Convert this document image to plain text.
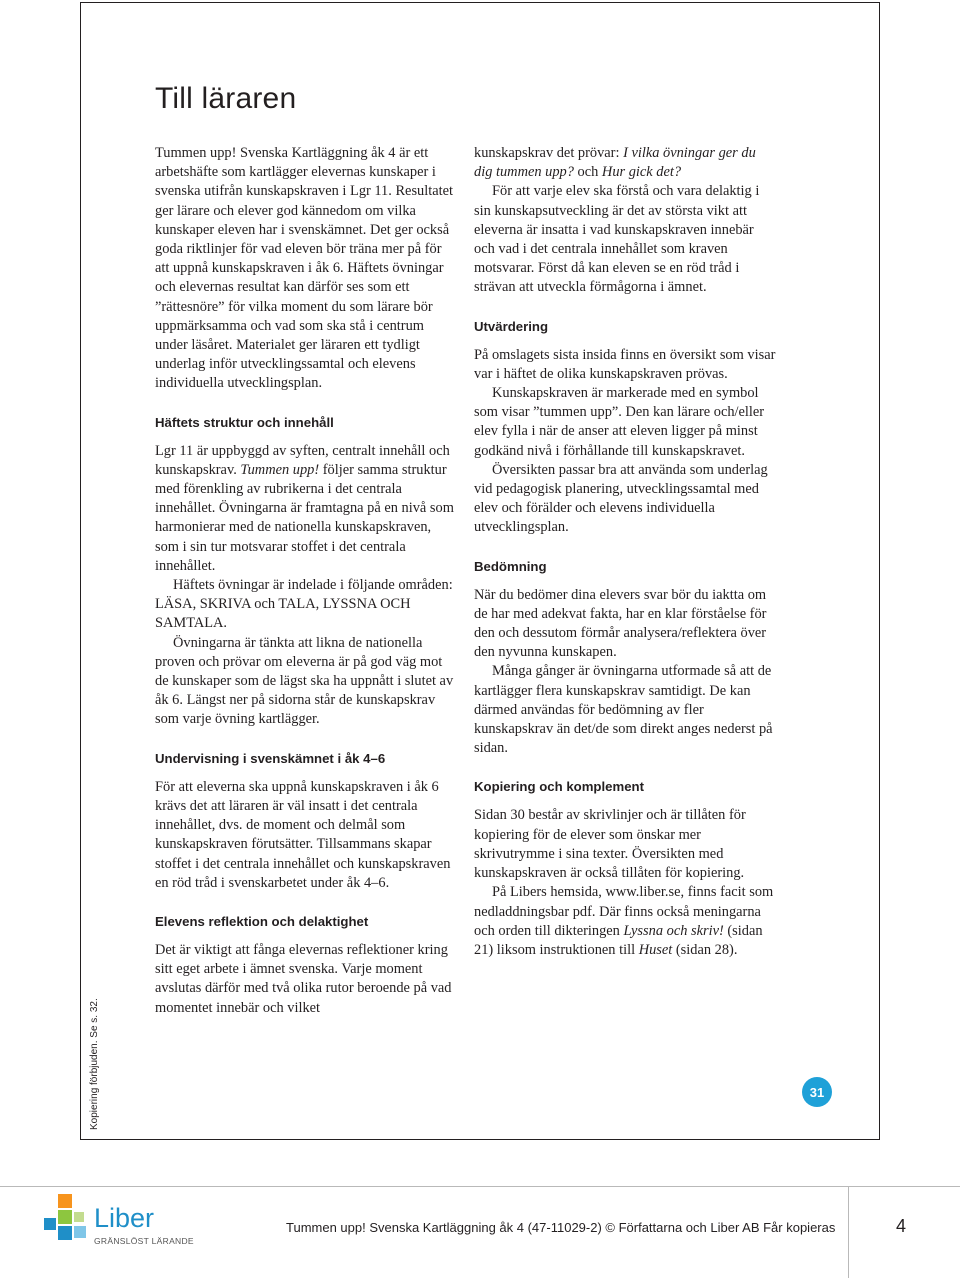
Kopiering förbjuden. Se s. 32.
Till läraren

Tummen upp! Svenska Kartläggning åk 4 är ett arbetshäfte som kartlägger elevernas kunskaper i svenska utifrån kunskapskraven i Lgr 11. Resultatet ger lärare och elever god kännedom om vilka kunskaper eleven har i svenskämnet. Det ger också goda riktlinjer för vad eleven bör träna mer på för att uppnå kunskapskraven i åk 6. Häftets övningar och elevernas resultat kan därför ses som ett ”rättesnöre” för vilka moment du som lärare bör uppmärksamma och vad som ska stå i centrum under läsåret. Materialet ger läraren ett tydligt underlag inför utvecklingssamtal och elevens individuella utvecklingsplan.

Häftets struktur och innehåll

Lgr 11 är uppbyggd av syften, centralt innehåll och kunskapskrav. Tummen upp! följer samma struktur med förenkling av rubrikerna i det centrala innehållet. Övningarna är framtagna på en nivå som harmonierar med de nationella kunskapskraven, som i sin tur motsvarar stoffet i det centrala innehållet.

Häftets övningar är indelade i följande områden: LÄSA, SKRIVA och TALA, LYSSNA OCH SAMTALA.

Övningarna är tänkta att likna de nationella proven och prövar om eleverna är på god väg mot de kunskaper som de lägst ska ha uppnått i slutet av åk 6. Längst ner på sidorna står de kunskapskrav som varje övning kartlägger.

Undervisning i svenskämnet i åk 4–6

För att eleverna ska uppnå kunskapskraven i åk 6 krävs det att läraren är väl insatt i det centrala innehållet, dvs. de moment och delmål som kunskapskraven förutsätter. Tillsammans skapar stoffet i det centrala innehållet och kunskapskraven en röd tråd i svenskarbetet under åk 4–6.

Elevens reflektion och delaktighet

Det är viktigt att fånga elevernas reflektioner kring sitt eget arbete i ämnet svenska. Varje moment avslutas därför med två olika rutor beroende på vad momentet innebär och vilket

kunskapskrav det prövar: I vilka övningar ger du dig tummen upp? och Hur gick det?

För att varje elev ska förstå och vara delaktig i sin kunskapsutveckling är det av största vikt att eleverna är insatta i vad kunskapskraven innebär och vad i det centrala innehållet som kraven motsvarar. Först då kan eleven se en röd tråd i strävan att utveckla förmågorna i ämnet.

Utvärdering

På omslagets sista insida finns en översikt som visar var i häftet de olika kunskapskraven prövas.

Kunskapskraven är markerade med en symbol som visar ”tummen upp”. Den kan lärare och/eller elev fylla i när de anser att eleven ligger på minst godkänd nivå i förhållande till kunskapskravet.

Översikten passar bra att använda som underlag vid pedagogisk planering, utvecklingssamtal med elev och förälder och elevens individuella utvecklingsplan.

Bedömning

När du bedömer dina elevers svar bör du iaktta om de har med adekvat fakta, har en klar förståelse för den och dessutom förmår analysera/reflektera över den nyvunna kunskapen.

Många gånger är övningarna utformade så att de kartlägger flera kunskapskrav samtidigt. De kan därmed användas för bedömning av fler kunskapskrav än det/de som direkt anges nederst på sidan.

Kopiering och komplement

Sidan 30 består av skrivlinjer och är tillåten för kopiering för de elever som önskar mer skrivutrymme i sina texter. Översikten med kunskapskraven är också tillåten för kopiering.

På Libers hemsida, www.liber.se, finns facit som nedladdningsbar pdf. Där finns också meningarna och orden till dikteringen Lyssna och skriv! (sidan 21) liksom instruktionen till Huset (sidan 28).

31
Liber
GRÄNSLÖST LÄRANDE
Tummen upp! Svenska Kartläggning åk 4 (47-11029-2) © Författarna och Liber AB Får kopieras	4
